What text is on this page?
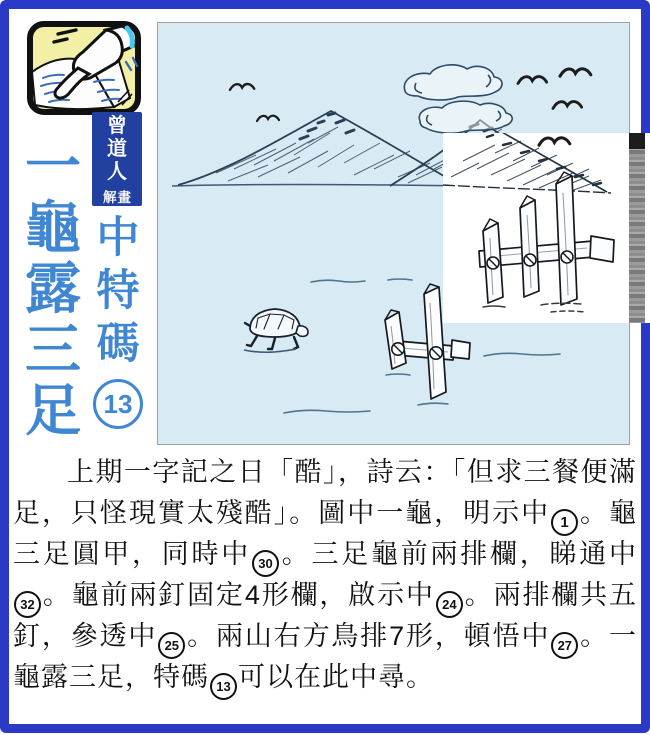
曾
道
人
解 畫
一
龜
露
三
足
中
特
碼
13
上期一字記之日「酷」，詩云：「但求三餐便滿
足，只怪現實太殘酷」。圖中一龜，明示中 1 。龜
三足圓甲，同時中 30 。三足龜前兩排欄，睇通中
32 。龜前兩釘固定4形欄，啟示中 24 。兩排欄共五
釘，參透中 25 。兩山右方鳥排7形，頓悟中 27 。一
龜露三足，特碼 13 可以在此中尋。
